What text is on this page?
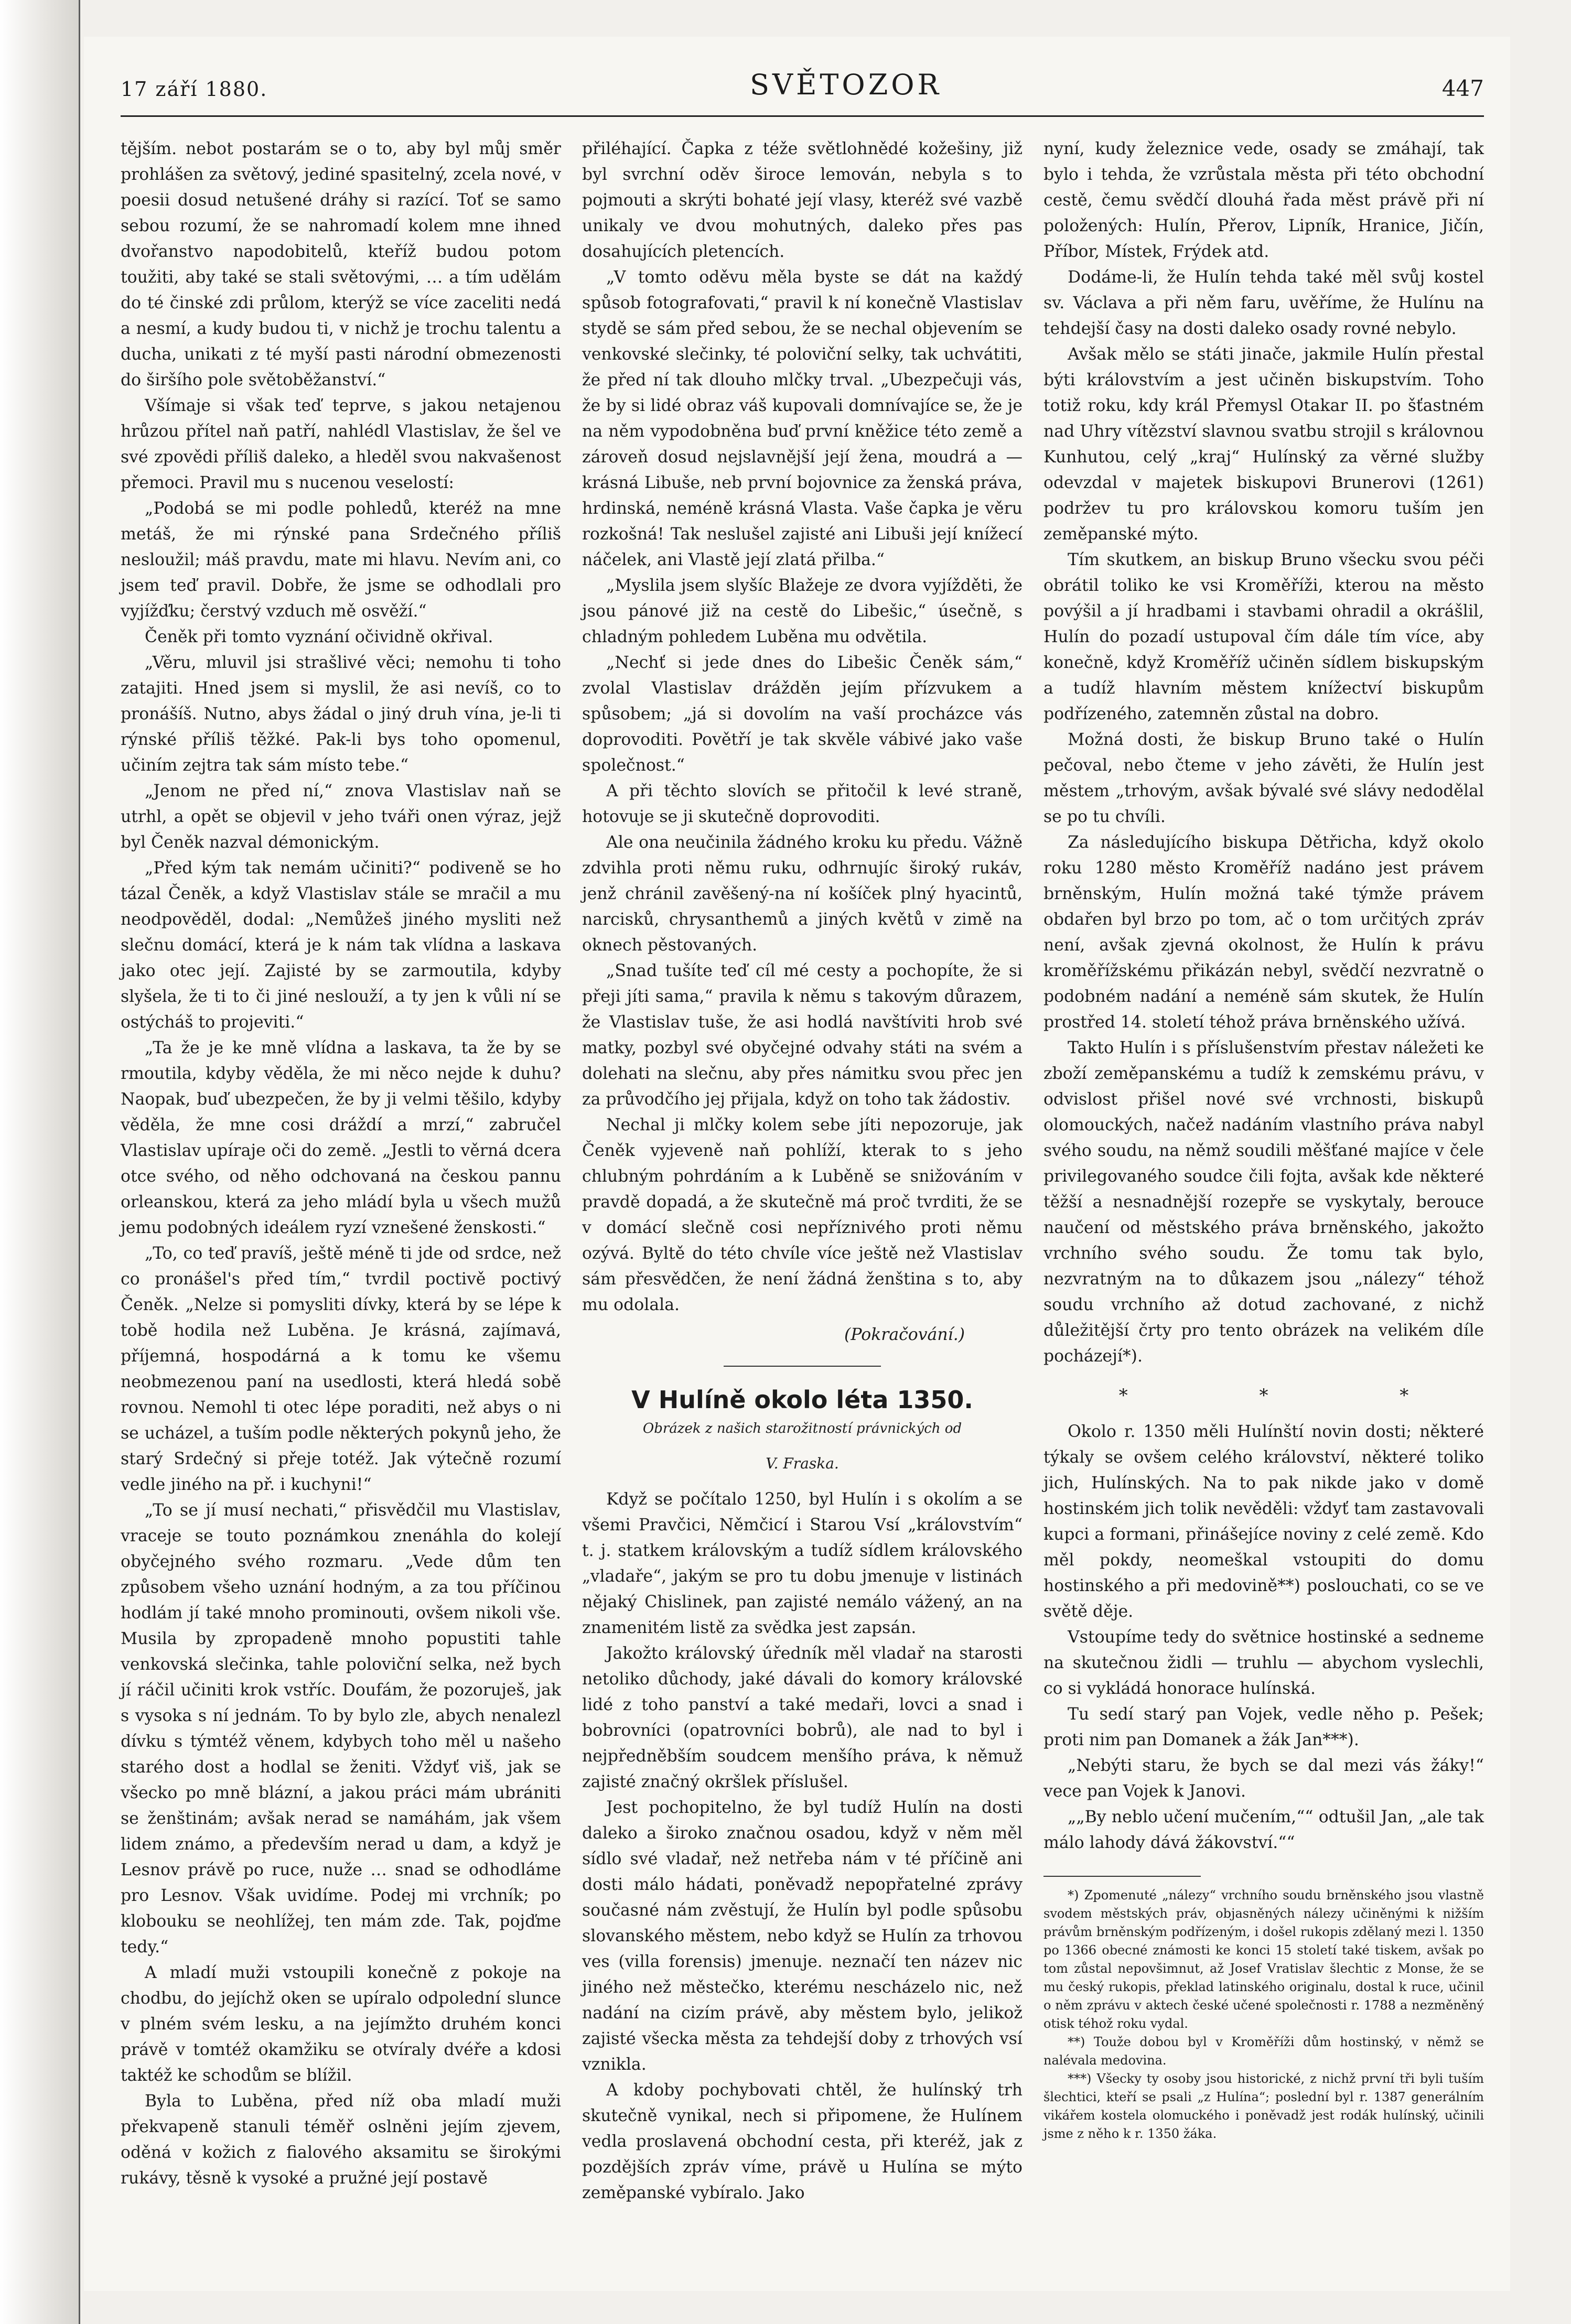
17 září 1880.	SVĚTOZOR	447

tějším. nebot postarám se o to, aby byl můj směr prohlášen za světový, jediné spasitelný, zcela nové, v poesii dosud netušené dráhy si razící. Toť se samo sebou rozumí, že se nahromadí kolem mne ihned dvořanstvo napodobitelů, kteříž budou potom toužiti, aby také se stali světovými, … a tím udělám do té činské zdi průlom, kterýž se více zaceliti nedá a nesmí, a kudy budou ti, v nichž je trochu talentu a ducha, unikati z té myší pasti národní obmezenosti do širšího pole světoběžanství.“

Všímaje si však teď teprve, s jakou netajenou hrůzou přítel naň patří, nahlédl Vlastislav, že šel ve své zpovědi příliš daleko, a hleděl svou nakvašenost přemoci. Pravil mu s nucenou veselostí:

„Podobá se mi podle pohledů, kteréž na mne metáš, že mi rýnské pana Srdečného příliš nesloužil; máš pravdu, mate mi hlavu. Nevím ani, co jsem teď pravil. Dobře, že jsme se odhodlali pro vyjížďku; čerstvý vzduch mě osvěží.“

Čeněk při tomto vyznání očividně okřival.

„Věru, mluvil jsi strašlivé věci; nemohu ti toho zatajiti. Hned jsem si myslil, že asi nevíš, co to pronášíš. Nutno, abys žádal o jiný druh vína, je-li ti rýnské příliš těžké. Pak-li bys toho opomenul, učiním zejtra tak sám místo tebe.“

„Jenom ne před ní,“ znova Vlastislav naň se utrhl, a opět se objevil v jeho tváři onen výraz, jejž byl Čeněk nazval démonickým.

„Před kým tak nemám učiniti?“ podiveně se ho tázal Čeněk, a když Vlastislav stále se mračil a mu neodpověděl, dodal: „Nemůžeš jiného mysliti než slečnu domácí, která je k nám tak vlídna a laskava jako otec její. Zajisté by se zarmoutila, kdyby slyšela, že ti to či jiné neslouží, a ty jen k vůli ní se ostýcháš to projeviti.“

„Ta že je ke mně vlídna a laskava, ta že by se rmoutila, kdyby věděla, že mi něco nejde k duhu? Naopak, buď ubezpečen, že by ji velmi těšilo, kdyby věděla, že mne cosi dráždí a mrzí,“ zabručel Vlastislav upíraje oči do země. „Jestli to věrná dcera otce svého, od něho odchovaná na českou pannu orleanskou, která za jeho mládí byla u všech mužů jemu podobných ideálem ryzí vznešené ženskosti.“

„To, co teď pravíš, ještě méně ti jde od srdce, než co pronášel's před tím,“ tvrdil poctivě poctivý Čeněk. „Nelze si pomysliti dívky, která by se lépe k tobě hodila než Luběna. Je krásná, zajímavá, příjemná, hospodárná a k tomu ke všemu neobmezenou paní na usedlosti, která hledá sobě rovnou. Nemohl ti otec lépe poraditi, než abys o ni se ucházel, a tuším podle některých pokynů jeho, že starý Srdečný si přeje totéž. Jak výtečně rozumí vedle jiného na př. i kuchyni!“

„To se jí musí nechati,“ přisvědčil mu Vlastislav, vraceje se touto poznámkou znenáhla do kolejí obyčejného svého rozmaru. „Vede dům ten způsobem všeho uznání hodným, a za tou příčinou hodlám jí také mnoho prominouti, ovšem nikoli vše. Musila by zpropadeně mnoho popustiti tahle venkovská slečinka, tahle poloviční selka, než bych jí ráčil učiniti krok vstříc. Doufám, že pozoruješ, jak s vysoka s ní jednám. To by bylo zle, abych nenalezl dívku s týmtéž věnem, kdybych toho měl u našeho starého dost a hodlal se ženiti. Vždyť viš, jak se všecko po mně blázní, a jakou práci mám ubrániti se ženštinám; avšak nerad se namáhám, jak všem lidem známo, a především nerad u dam, a když je Lesnov právě po ruce, nuže … snad se odhodláme pro Lesnov. Však uvidíme. Podej mi vrchník; po klobouku se neohlížej, ten mám zde. Tak, pojďme tedy.“

A mladí muži vstoupili konečně z pokoje na chodbu, do jejíchž oken se upíralo odpolední slunce v plném svém lesku, a na jejímžto druhém konci právě v tomtéž okamžiku se otvíraly dvéře a kdosi taktéž ke schodům se blížil.

Byla to Luběna, před níž oba mladí muži překvapeně stanuli téměř oslněni jejím zjevem, oděná v kožich z fialového aksamitu se širokými rukávy, těsně k vysoké a pružné její postavě

přiléhající. Čapka z téže světlohnědé kožešiny, již byl svrchní oděv široce lemován, nebyla s to pojmouti a skrýti bohaté její vlasy, kteréž své vazbě unikaly ve dvou mohutných, daleko přes pas dosahujících pletencích.

„V tomto oděvu měla byste se dát na každý spůsob fotografovati,“ pravil k ní konečně Vlastislav stydě se sám před sebou, že se nechal objevením se venkovské slečinky, té poloviční selky, tak uchvátiti, že před ní tak dlouho mlčky trval. „Ubezpečuji vás, že by si lidé obraz váš kupovali domnívajíce se, že je na něm vypodobněna buď první kněžice této země a zároveň dosud nejslavnější její žena, moudrá a — krásná Libuše, neb první bojovnice za ženská práva, hrdinská, neméně krásná Vlasta. Vaše čapka je věru rozkošná! Tak neslušel zajisté ani Libuši její knížecí náčelek, ani Vlastě její zlatá přilba.“

„Myslila jsem slyšíc Blažeje ze dvora vyjížděti, že jsou pánové již na cestě do Libešic,“ úsečně, s chladným pohledem Luběna mu odvětila.

„Nechť si jede dnes do Libešic Čeněk sám,“ zvolal Vlastislav drážděn jejím přízvukem a spůsobem; „já si dovolím na vaší procházce vás doprovoditi. Povětří je tak skvěle vábivé jako vaše společnost.“

A při těchto slovích se přitočil k levé straně, hotovuje se ji skutečně doprovoditi.

Ale ona neučinila žádného kroku ku předu. Vážně zdvihla proti němu ruku, odhrnujíc široký rukáv, jenž chránil zavěšený-na ní košíček plný hyacintů, narcisků, chrysanthemů a jiných květů v zimě na oknech pěstovaných.

„Snad tušíte teď cíl mé cesty a pochopíte, že si přeji jíti sama,“ pravila k němu s takovým důrazem, že Vlastislav tuše, že asi hodlá navštíviti hrob své matky, pozbyl své obyčejné odvahy státi na svém a dolehati na slečnu, aby přes námitku svou přec jen za průvodčího jej přijala, když on toho tak žádostiv.

Nechal ji mlčky kolem sebe jíti nepozoruje, jak Čeněk vyjeveně naň pohlíží, kterak to s jeho chlubným pohrdáním a k Luběně se snižováním v pravdě dopadá, a že skutečně má proč tvrditi, že se v domácí slečně cosi nepříznivého proti němu ozývá. Byltě do této chvíle více ještě než Vlastislav sám přesvědčen, že není žádná ženština s to, aby mu odolala.

(Pokračování.)
V Hulíně okolo léta 1350.
Obrázek z našich starožitností právnických od
V. Fraska.

Když se počítalo 1250, byl Hulín i s okolím a se všemi Pravčici, Němčicí i Starou Vsí „královstvím“ t. j. statkem královským a tudíž sídlem královského „vladaře“, jakým se pro tu dobu jmenuje v listinách nějaký Chislinek, pan zajisté nemálo vážený, an na znamenitém listě za svědka jest zapsán.

Jakožto královský úředník měl vladař na starosti netoliko důchody, jaké dávali do komory královské lidé z toho panství a také medaři, lovci a snad i bobrovníci (opatrovníci bobrů), ale nad to byl i nejpředněbším soudcem menšího práva, k němuž zajisté značný okršlek příslušel.

Jest pochopitelno, že byl tudíž Hulín na dosti daleko a široko značnou osadou, když v něm měl sídlo své vladař, než netřeba nám v té příčině ani dosti málo hádati, poněvadž nepopřatelné zprávy současné nám zvěstují, že Hulín byl podle spůsobu slovanského městem, nebo když se Hulín za trhovou ves (villa forensis) jmenuje. neznačí ten název nic jiného než městečko, kterému nescházelo nic, než nadání na cizím právě, aby městem bylo, jelikož zajisté všecka města za tehdejší doby z trhových vsí vznikla.

A kdoby pochybovati chtěl, že hulínský trh skutečně vynikal, nech si připomene, že Hulínem vedla proslavená obchodní cesta, při kteréž, jak z pozdějších zpráv víme, právě u Hulína se mýto zeměpanské vybíralo. Jako

nyní, kudy železnice vede, osady se zmáhají, tak bylo i tehda, že vzrůstala města při této obchodní cestě, čemu svědčí dlouhá řada měst právě při ní položených: Hulín, Přerov, Lipník, Hranice, Jičín, Příbor, Místek, Frýdek atd.

Dodáme-li, že Hulín tehda také měl svůj kostel sv. Václava a při něm faru, uvěříme, že Hulínu na tehdejší časy na dosti daleko osady rovné nebylo.

Avšak mělo se státi jinače, jakmile Hulín přestal býti královstvím a jest učiněn biskupstvím. Toho totiž roku, kdy král Přemysl Otakar II. po šťastném nad Uhry vítězství slavnou svatbu strojil s královnou Kunhutou, celý „kraj“ Hulínský za věrné služby odevzdal v majetek biskupovi Brunerovi (1261) podržev tu pro královskou komoru tuším jen zeměpanské mýto.

Tím skutkem, an biskup Bruno všecku svou péči obrátil toliko ke vsi Kroměříži, kterou na město povýšil a jí hradbami i stavbami ohradil a okrášlil, Hulín do pozadí ustupoval čím dále tím více, aby konečně, když Kroměříž učiněn sídlem biskupským a tudíž hlavním městem knížectví biskupům podřízeného, zatemněn zůstal na dobro.

Možná dosti, že biskup Bruno také o Hulín pečoval, nebo čteme v jeho závěti, že Hulín jest městem „trhovým, avšak bývalé své slávy nedodělal se po tu chvíli.

Za následujícího biskupa Dětřicha, když okolo roku 1280 město Kroměříž nadáno jest právem brněnským, Hulín možná také týmže právem obdařen byl brzo po tom, ač o tom určitých zpráv není, avšak zjevná okolnost, že Hulín k právu kroměřížskému přikázán nebyl, svědčí nezvratně o podobném nadání a neméně sám skutek, že Hulín prostřed 14. století téhož práva brněnského užívá.

Takto Hulín i s příslušenstvím přestav náležeti ke zboží zeměpanskému a tudíž k zemskému právu, v odvislost přišel nové své vrchnosti, biskupů olomouckých, načež nadáním vlastního práva nabyl svého soudu, na němž soudili měšťané majíce v čele privilegovaného soudce čili fojta, avšak kde některé těžší a nesnadnější rozepře se vyskytaly, berouce naučení od městského práva brněnského, jakožto vrchního svého soudu. Že tomu tak bylo, nezvratným na to důkazem jsou „nálezy“ téhož soudu vrchního až dotud zachované, z nichž důležitější črty pro tento obrázek na velikém díle pocházejí*).

* * *

Okolo r. 1350 měli Hulínští novin dosti; některé týkaly se ovšem celého království, některé toliko jich, Hulínských. Na to pak nikde jako v domě hostinském jich tolik nevěděli: vždyť tam zastavovali kupci a formani, přinášejíce noviny z celé země. Kdo měl pokdy, neomeškal vstoupiti do domu hostinského a při medovině**) poslouchati, co se ve světě děje.

Vstoupíme tedy do světnice hostinské a sedneme na skutečnou židli — truhlu — abychom vyslechli, co si vykládá honorace hulínská.

Tu sedí starý pan Vojek, vedle něho p. Pešek; proti nim pan Domanek a žák Jan***).

„Nebýti staru, že bych se dal mezi vás žáky!“ vece pan Vojek k Janovi.

„„By neblo učení mučením,““ odtušil Jan, „ale tak málo lahody dává žákovství.““

*) Zpomenuté „nálezy“ vrchního soudu brněnského jsou vlastně svodem městských práv, objasněných nálezy učiněnými k nižším právům brněnským podřízeným, i došel rukopis zdělaný mezi l. 1350 po 1366 obecné známosti ke konci 15 století také tiskem, avšak po tom zůstal nepovšimnut, až Josef Vratislav šlechtic z Monse, že se mu český rukopis, překlad latinského originalu, dostal k ruce, učinil o něm zprávu v aktech české učené společnosti r. 1788 a nezměněný otisk téhož roku vydal.

**) Touže dobou byl v Kroměříži dům hostinský, v němž se nalévala medovina.

***) Všecky ty osoby jsou historické, z nichž první tři byli tuším šlechtici, kteří se psali „z Hulína“; poslední byl r. 1387 generálním vikářem kostela olomuckého i poněvadž jest rodák hulínský, učinili jsme z něho k r. 1350 žáka.
